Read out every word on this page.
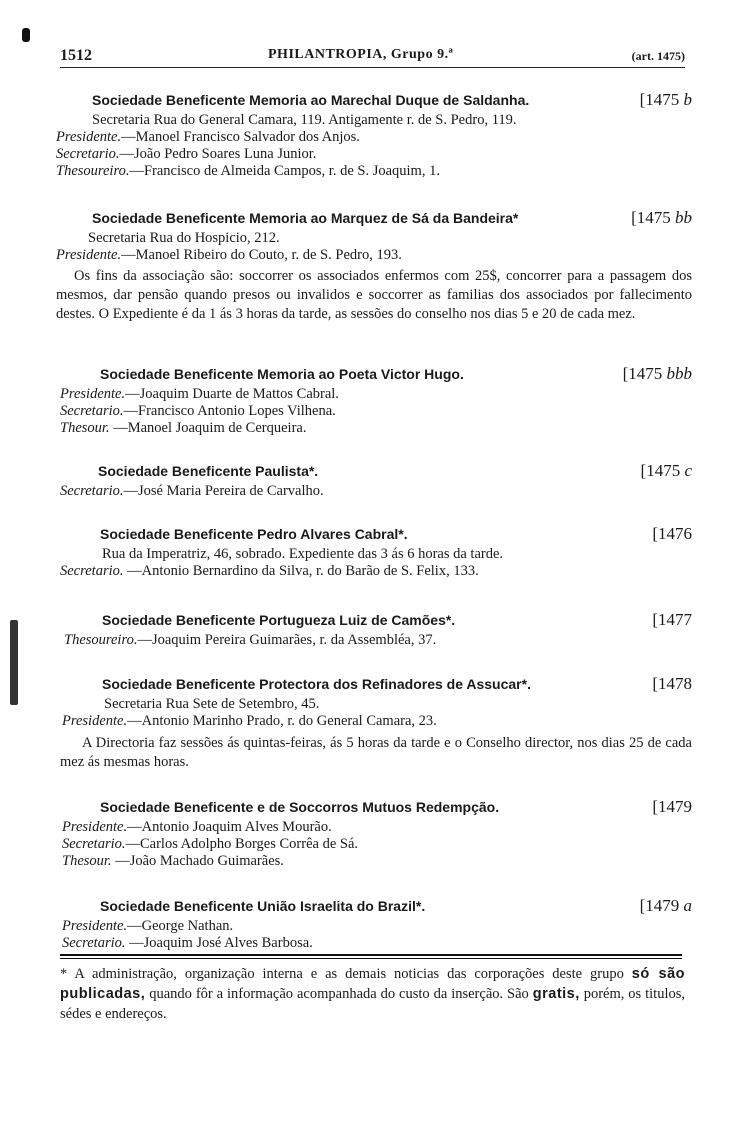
1512	PHILANTROPIA, Grupo 9.ª	(art. 1475)
Sociedade Beneficente Memoria ao Marechal Duque de Saldanha.	[1475 b
Secretaria Rua do General Camara, 119. Antigamente r. de S. Pedro, 119.
Presidente.—Manoel Francisco Salvador dos Anjos.
Secretario.—João Pedro Soares Luna Junior.
Thesoureiro.—Francisco de Almeida Campos, r. de S. Joaquim, 1.
Sociedade Beneficente Memoria ao Marquez de Sá da Bandeira*	[1475 bb
Secretaria Rua do Hospicio, 212.
Presidente.—Manoel Ribeiro do Couto, r. de S. Pedro, 193.
Os fins da associação são: soccorrer os associados enfermos com 25$, concorrer para a passagem dos mesmos, dar pensão quando presos ou invalidos e soccorrer as familias dos associados por fallecimento destes. O Expediente é da 1 ás 3 horas da tarde, as sessões do conselho nos dias 5 e 20 de cada mez.
Sociedade Beneficente Memoria ao Poeta Victor Hugo.	[1475 bbb
Presidente.—Joaquim Duarte de Mattos Cabral.
Secretario.—Francisco Antonio Lopes Vilhena.
Thesour. —Manoel Joaquim de Cerqueira.
Sociedade Beneficente Paulista*.	[1475 c
Secretario.—José Maria Pereira de Carvalho.
Sociedade Beneficente Pedro Alvares Cabral*.	[1476
Rua da Imperatriz, 46, sobrado. Expediente das 3 ás 6 horas da tarde.
Secretario. —Antonio Bernardino da Silva, r. do Barão de S. Felix, 133.
Sociedade Beneficente Portugueza Luiz de Camões*.	[1477
Thesoureiro.—Joaquim Pereira Guimarães, r. da Assembléa, 37.
Sociedade Beneficente Protectora dos Refinadores de Assucar*.	[1478
Secretaria Rua Sete de Setembro, 45.
Presidente.—Antonio Marinho Prado, r. do General Camara, 23.
A Directoria faz sessões ás quintas-feiras, ás 5 horas da tarde e o Conselho director, nos dias 25 de cada mez ás mesmas horas.
Sociedade Beneficente e de Soccorros Mutuos Redempção.	[1479
Presidente.—Antonio Joaquim Alves Mourão.
Secretario.—Carlos Adolpho Borges Corrêa de Sá.
Thesour. —João Machado Guimarães.
Sociedade Beneficente União Israelita do Brazil*.	[1479 a
Presidente.—George Nathan.
Secretario. —Joaquim José Alves Barbosa.
* A administração, organização interna e as demais noticias das corporações deste grupo só são publicadas, quando fôr a informação acompanhada do custo da inserção. São gratis, porém, os titulos, sédes e endereços.
